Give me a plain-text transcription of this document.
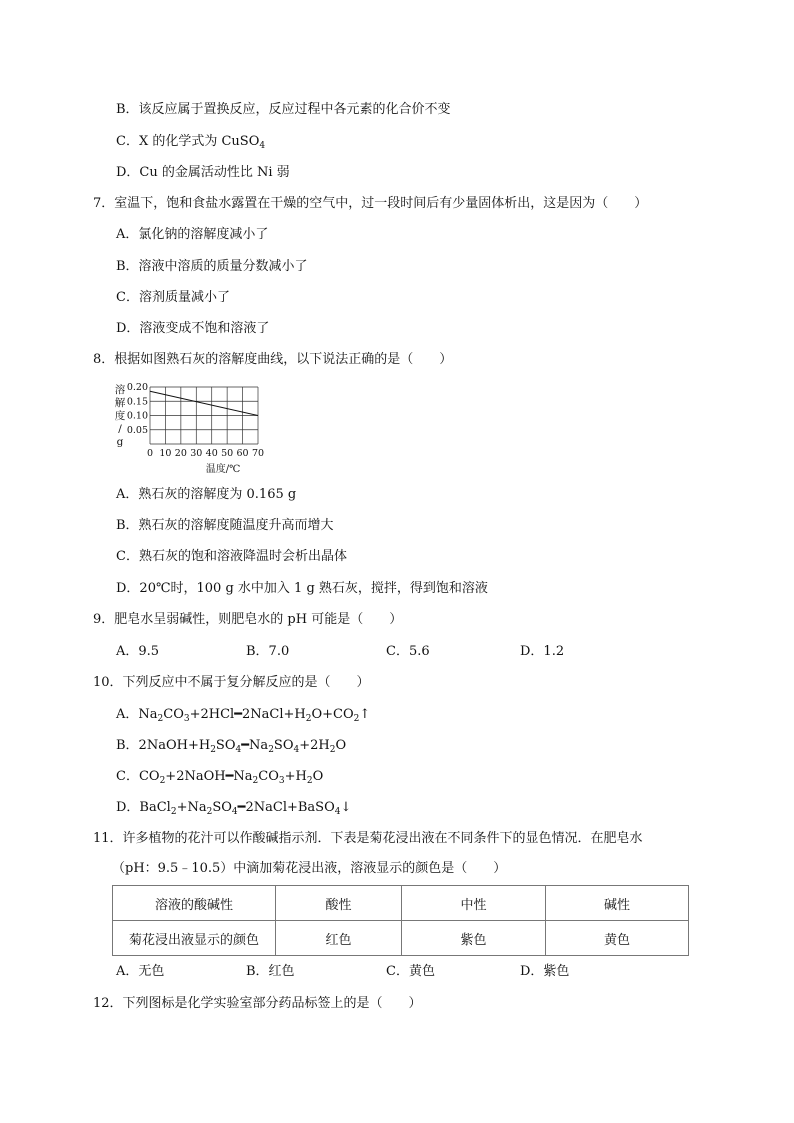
B．该反应属于置换反应，反应过程中各元素的化合价不变
C．X 的化学式为 CuSO$_4$
D．Cu 的金属活动性比 Ni 弱
7．室温下，饱和食盐水露置在干燥的空气中，过一段时间后有少量固体析出，这是因为（　　）
A．氯化钠的溶解度减小了
B．溶液中溶质的质量分数减小了
C．溶剂质量减小了
D．溶液变成不饱和溶液了
8．根据如图熟石灰的溶解度曲线，以下说法正确的是（　　）
0.20
0.15
0.10
0.05
0 10 20 30 40 50 60 70
溶
解
度
/
g
温度/℃
A．熟石灰的溶解度为 0.165 g
B．熟石灰的溶解度随温度升高而增大
C．熟石灰的饱和溶液降温时会析出晶体
D．20℃时，100 g 水中加入 1 g 熟石灰，搅拌，得到饱和溶液
9．肥皂水呈弱碱性，则肥皂水的 pH 可能是（　　）
A．9.5	B．7.0	C．5.6	D．1.2
10．下列反应中不属于复分解反应的是（　　）
A．$Na_2CO_3+2HCl━2NaCl+H_2O+CO_2↑$
B．$2NaOH+H_2SO_4━Na_2SO_4+2H_2O$
C．$CO_2+2NaOH━Na_2CO_3+H_2O$
D．$BaCl_2+Na_2SO_4━2NaCl+BaSO_4↓$
11．许多植物的花汁可以作酸碱指示剂．下表是菊花浸出液在不同条件下的显色情况．在肥皂水
（pH：9.5﹣10.5）中滴加菊花浸出液，溶液显示的颜色是（　　）
溶液的酸碱性	酸性	中性	碱性
菊花浸出液显示的颜色	红色	紫色	黄色
A．无色	B．红色	C．黄色	D．紫色
12．下列图标是化学实验室部分药品标签上的是（　　）
